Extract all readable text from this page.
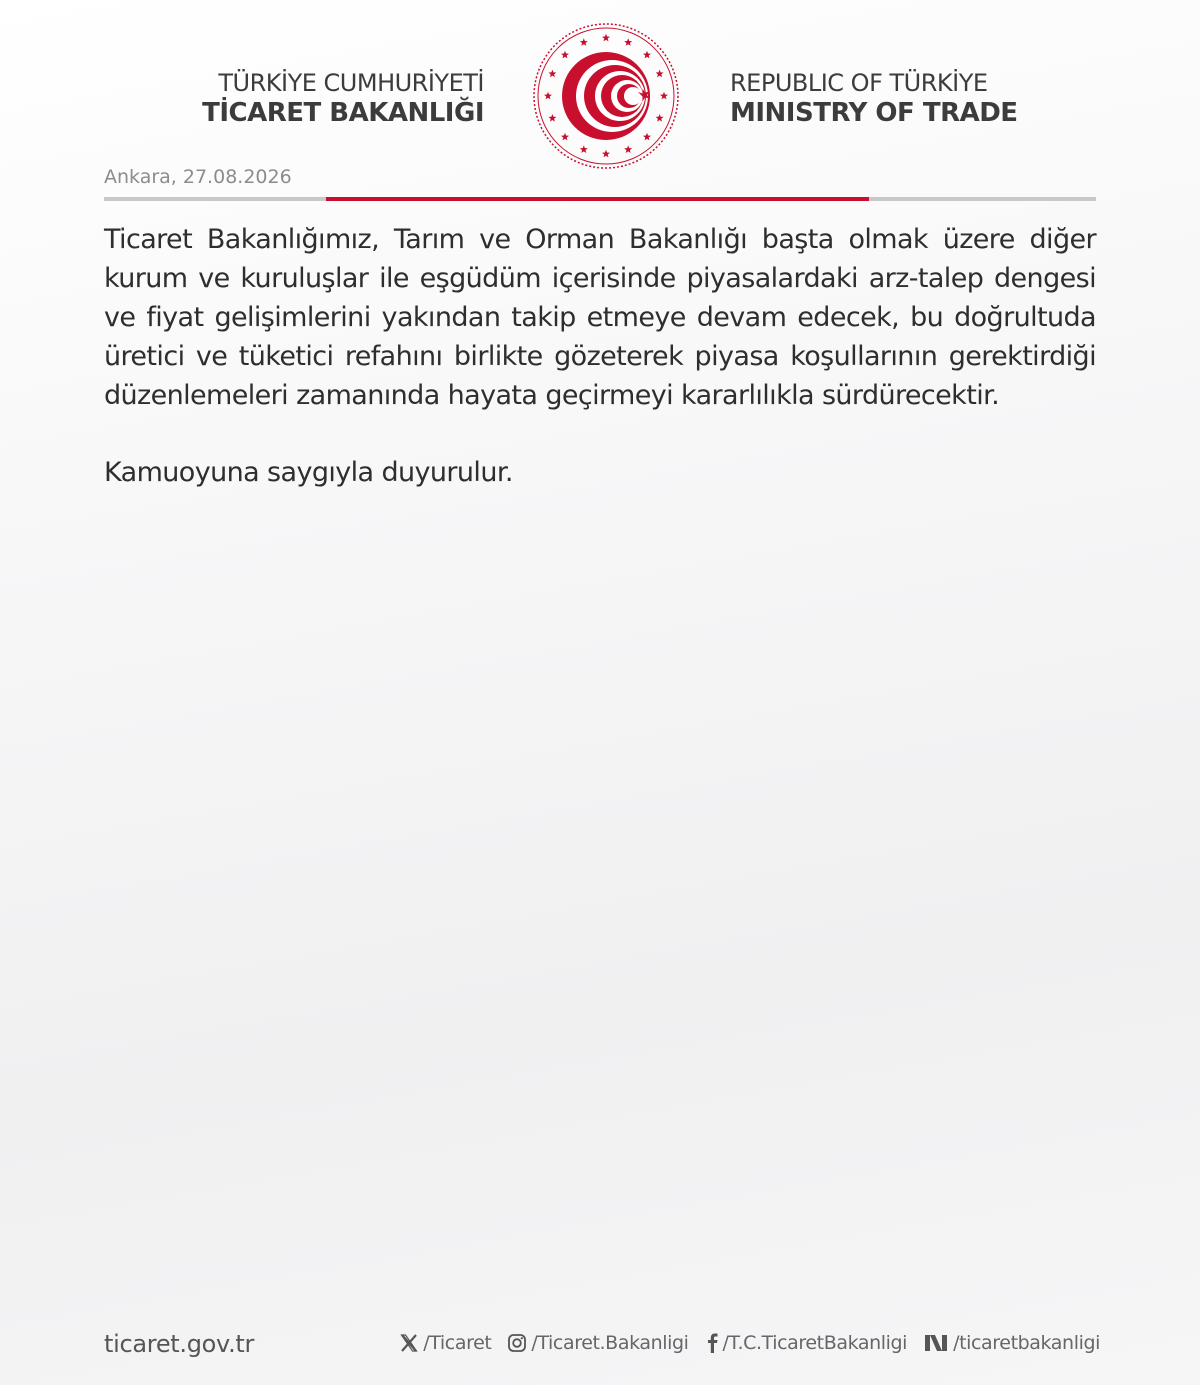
TÜRKİYE CUMHURİYETİ
TİCARET BAKANLIĞI
REPUBLIC OF TÜRKİYE
MINISTRY OF TRADE
Ankara, 27.08.2026
Ticaret Bakanlığımız, Tarım ve Orman Bakanlığı başta olmak üzere diğer kurum ve kuruluşlar ile eşgüdüm içerisinde piyasalardaki arz-talep dengesi ve fiyat gelişimlerini yakından takip etmeye devam edecek, bu doğrultuda üretici ve tüketici refahını birlikte gözeterek piyasa koşullarının gerektirdiği düzenlemeleri zamanında hayata geçirmeyi kararlılıkla sürdürecektir.
Kamuoyuna saygıyla duyurulur.
ticaret.gov.tr	/Ticaret /Ticaret.Bakanligi /T.C.TicaretBakanligi /ticaretbakanligi
